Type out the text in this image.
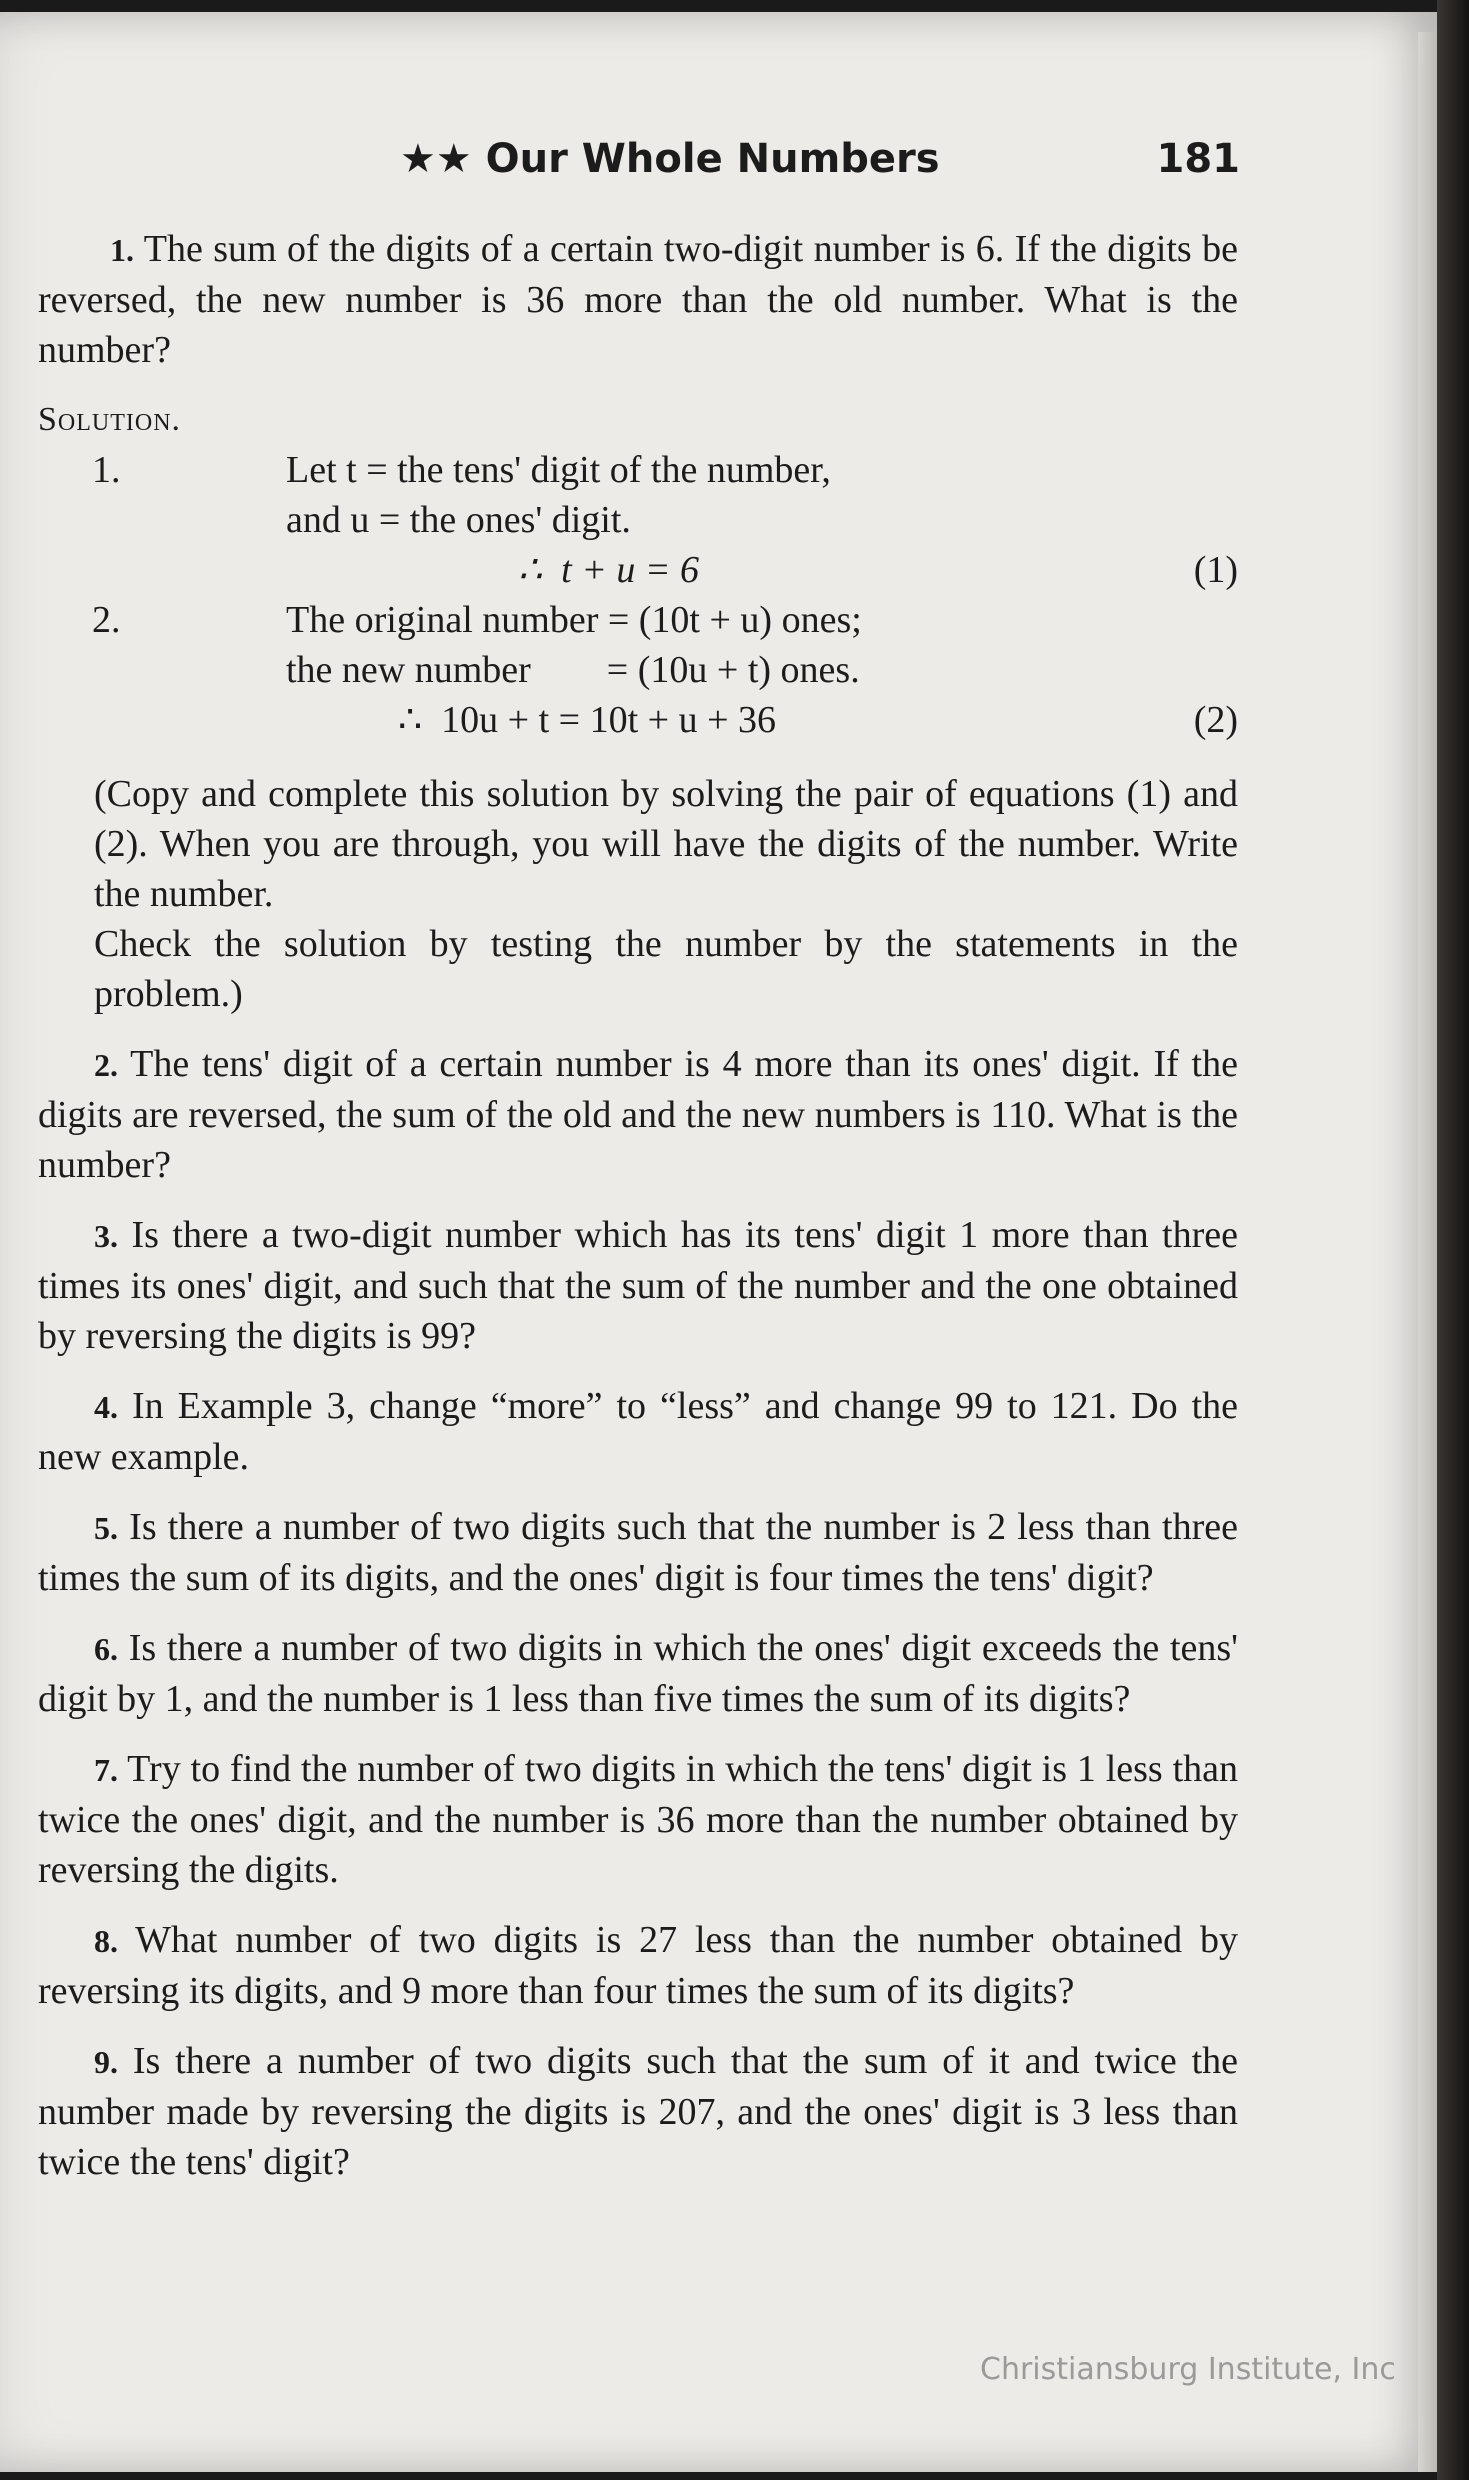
★★ Our Whole Numbers	181

1. The sum of the digits of a certain two-digit number is 6. If the digits be reversed, the new number is 36 more than the old number. What is the number?

Solution.
1.	Let t = the tens' digit of the number,
and u = the ones' digit.
∴  t + u = 6	(1)
2.	The original number = (10t + u) ones;
the new number        = (10u + t) ones.
∴  10u + t = 10t + u + 36	(2)

(Copy and complete this solution by solving the pair of equations (1) and (2). When you are through, you will have the digits of the number. Write the number.

Check the solution by testing the number by the statements in the problem.)

2. The tens' digit of a certain number is 4 more than its ones' digit. If the digits are reversed, the sum of the old and the new numbers is 110. What is the number?

3. Is there a two-digit number which has its tens' digit 1 more than three times its ones' digit, and such that the sum of the number and the one obtained by reversing the digits is 99?

4. In Example 3, change “more” to “less” and change 99 to 121. Do the new example.

5. Is there a number of two digits such that the number is 2 less than three times the sum of its digits, and the ones' digit is four times the tens' digit?

6. Is there a number of two digits in which the ones' digit exceeds the tens' digit by 1, and the number is 1 less than five times the sum of its digits?

7. Try to find the number of two digits in which the tens' digit is 1 less than twice the ones' digit, and the number is 36 more than the number obtained by reversing the digits.

8. What number of two digits is 27 less than the number obtained by reversing its digits, and 9 more than four times the sum of its digits?

9. Is there a number of two digits such that the sum of it and twice the number made by reversing the digits is 207, and the ones' digit is 3 less than twice the tens' digit?

Christiansburg Institute, Inc
